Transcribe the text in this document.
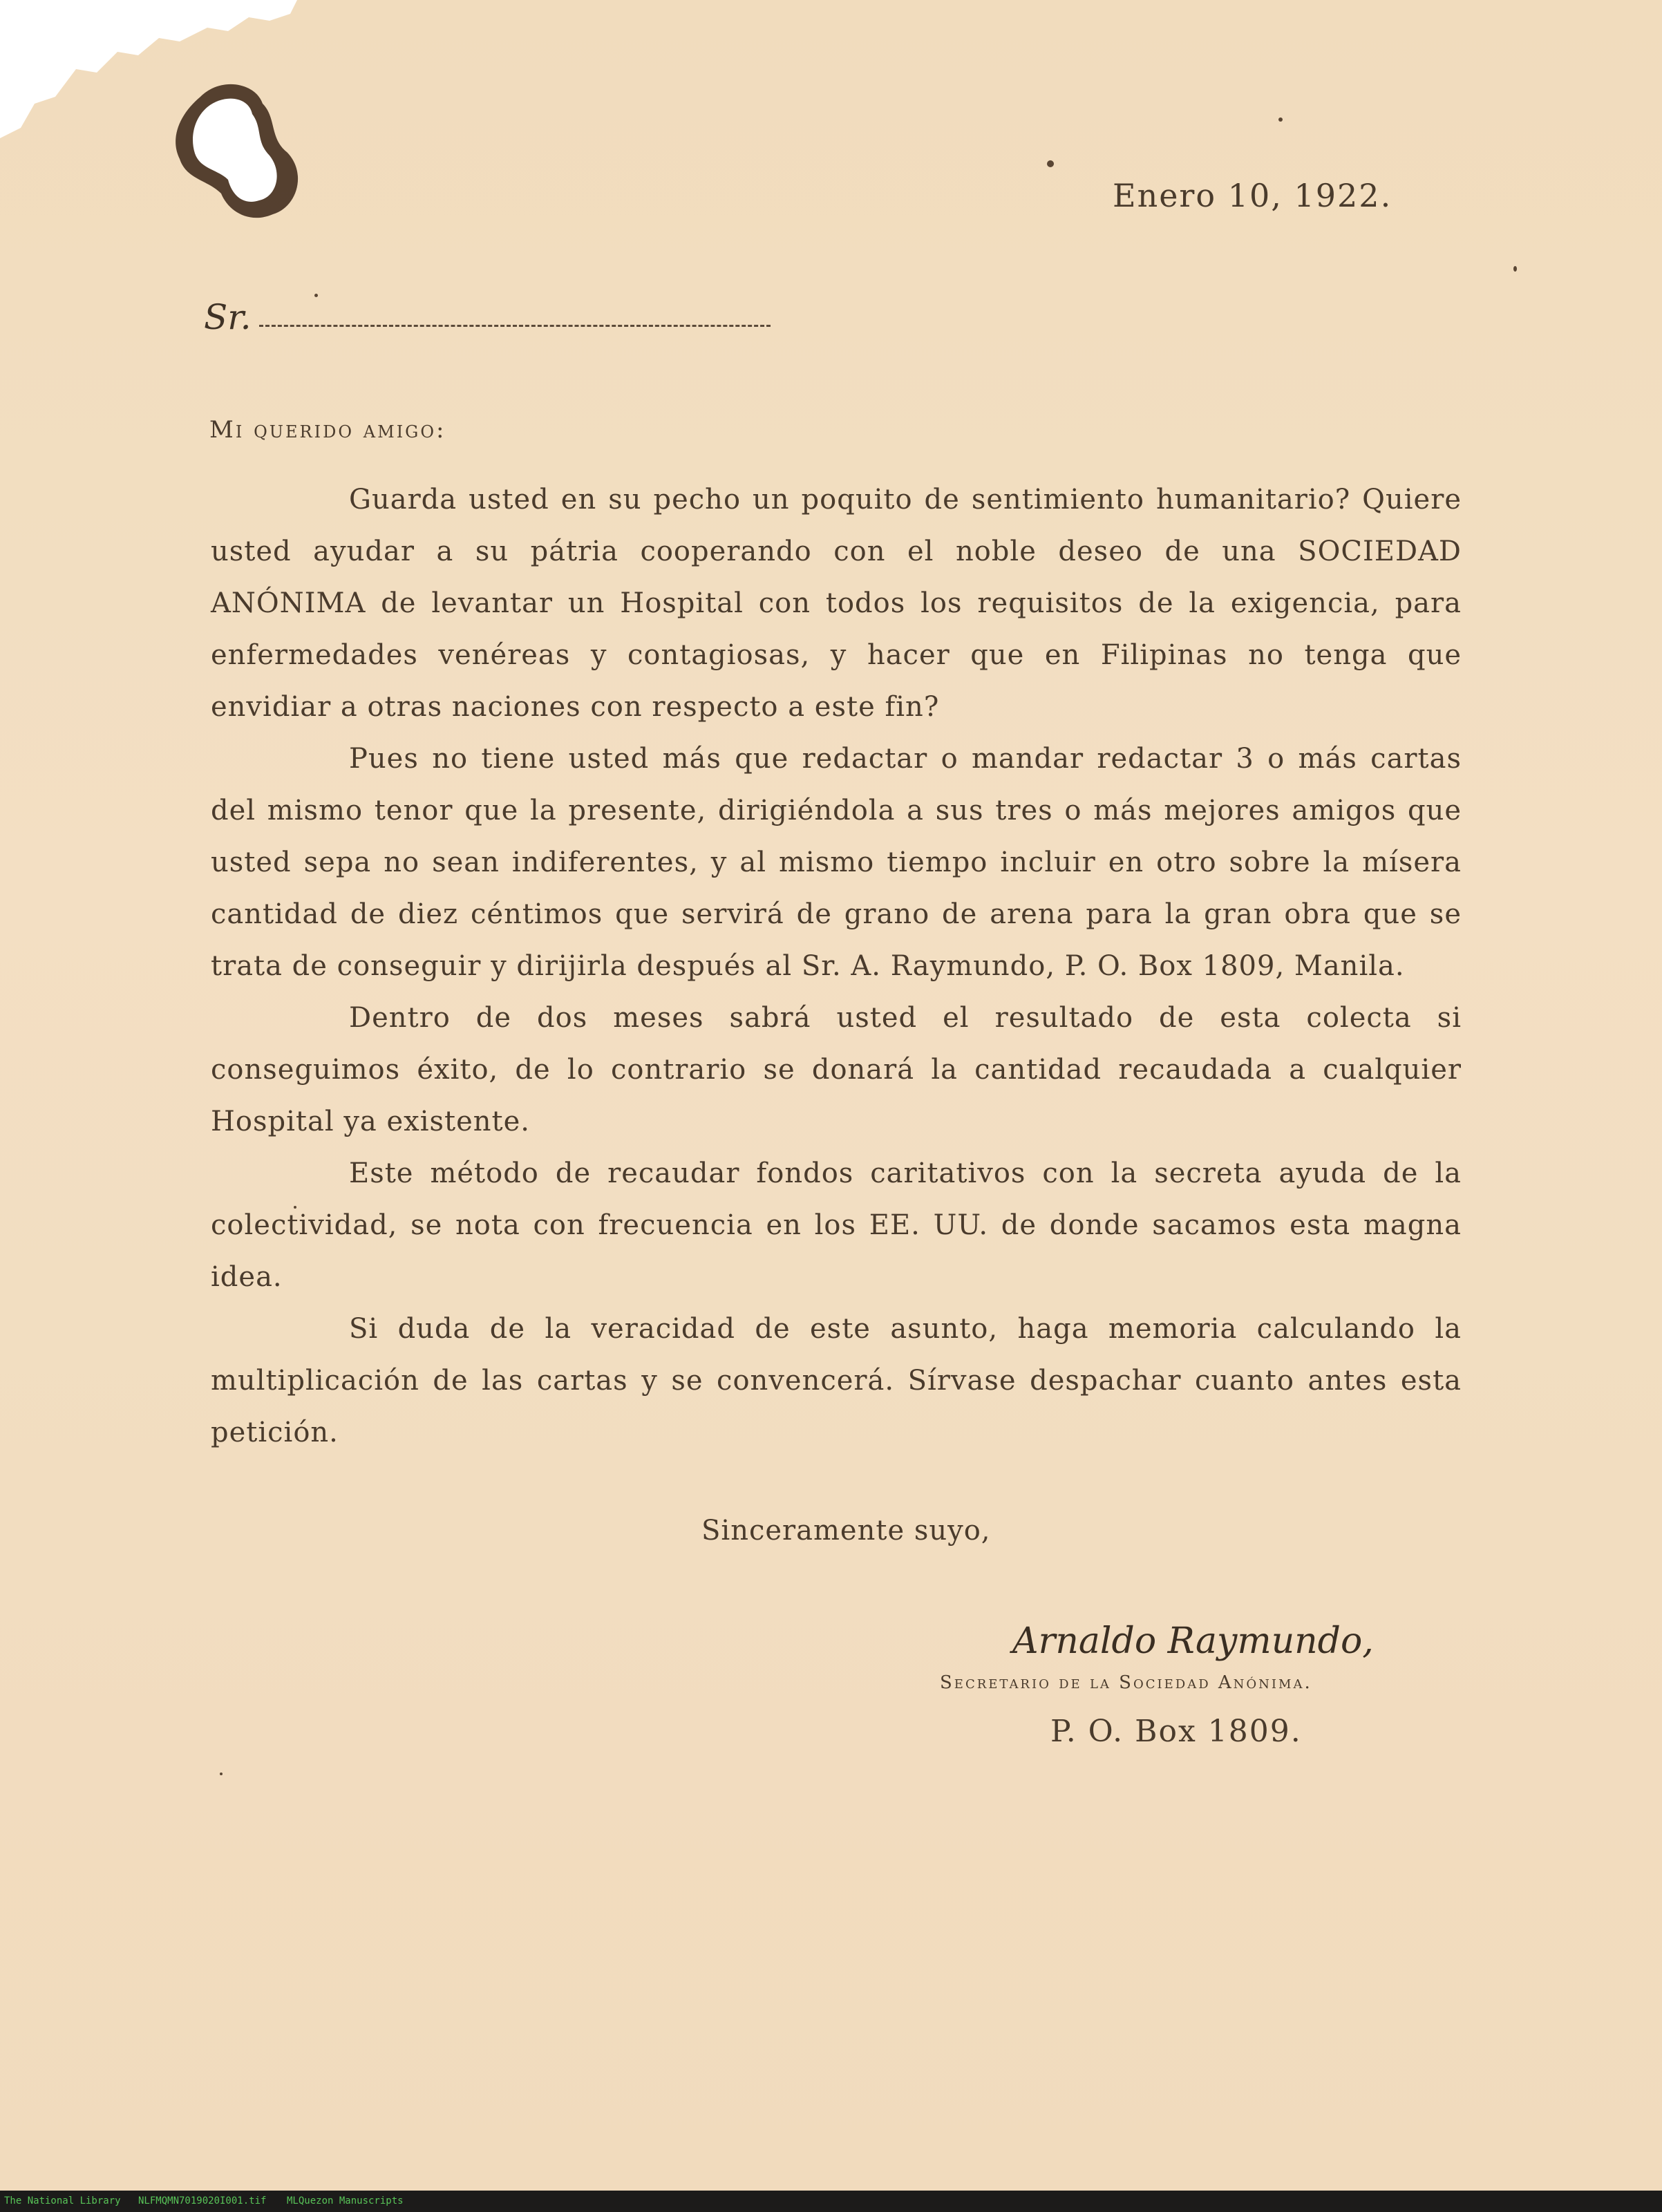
Enero 10, 1922.
Sr.
Mi querido amigo:

Guarda usted en su pecho un poquito de sentimiento humanitario? Quiere usted ayudar a su pátria cooperando con el noble deseo de una SOCIEDAD ANÓNIMA de levantar un Hospital con todos los requisitos de la exigencia, para enfermedades venéreas y contagiosas, y hacer que en Filipinas no tenga que envidiar a otras naciones con respecto a este fin?

Pues no tiene usted más que redactar o mandar redactar 3 o más cartas del mismo tenor que la presente, dirigiéndola a sus tres o más mejores amigos que usted sepa no sean indiferentes, y al mismo tiempo incluir en otro sobre la mísera cantidad de diez céntimos que servirá de grano de arena para la gran obra que se trata de conseguir y dirijirla después al Sr. A. Raymundo, P. O. Box 1809, Manila.

Dentro de dos meses sabrá usted el resultado de esta colecta si conseguimos éxito, de lo contrario se donará la cantidad recaudada a cualquier Hospital ya existente.

Este método de recaudar fondos caritativos con la secreta ayuda de la colectividad, se nota con frecuencia en los EE. UU. de donde sacamos esta magna idea.

Si duda de la veracidad de este asunto, haga memoria calculando la multiplicación de las cartas y se convencerá. Sírvase despachar cuanto antes esta petición.

Sinceramente suyo,
Arnaldo Raymundo,
Secretario de la Sociedad Anónima.
P. O. Box 1809.
The National Library NLFMQMN7019020I001.tif MLQuezon Manuscripts
